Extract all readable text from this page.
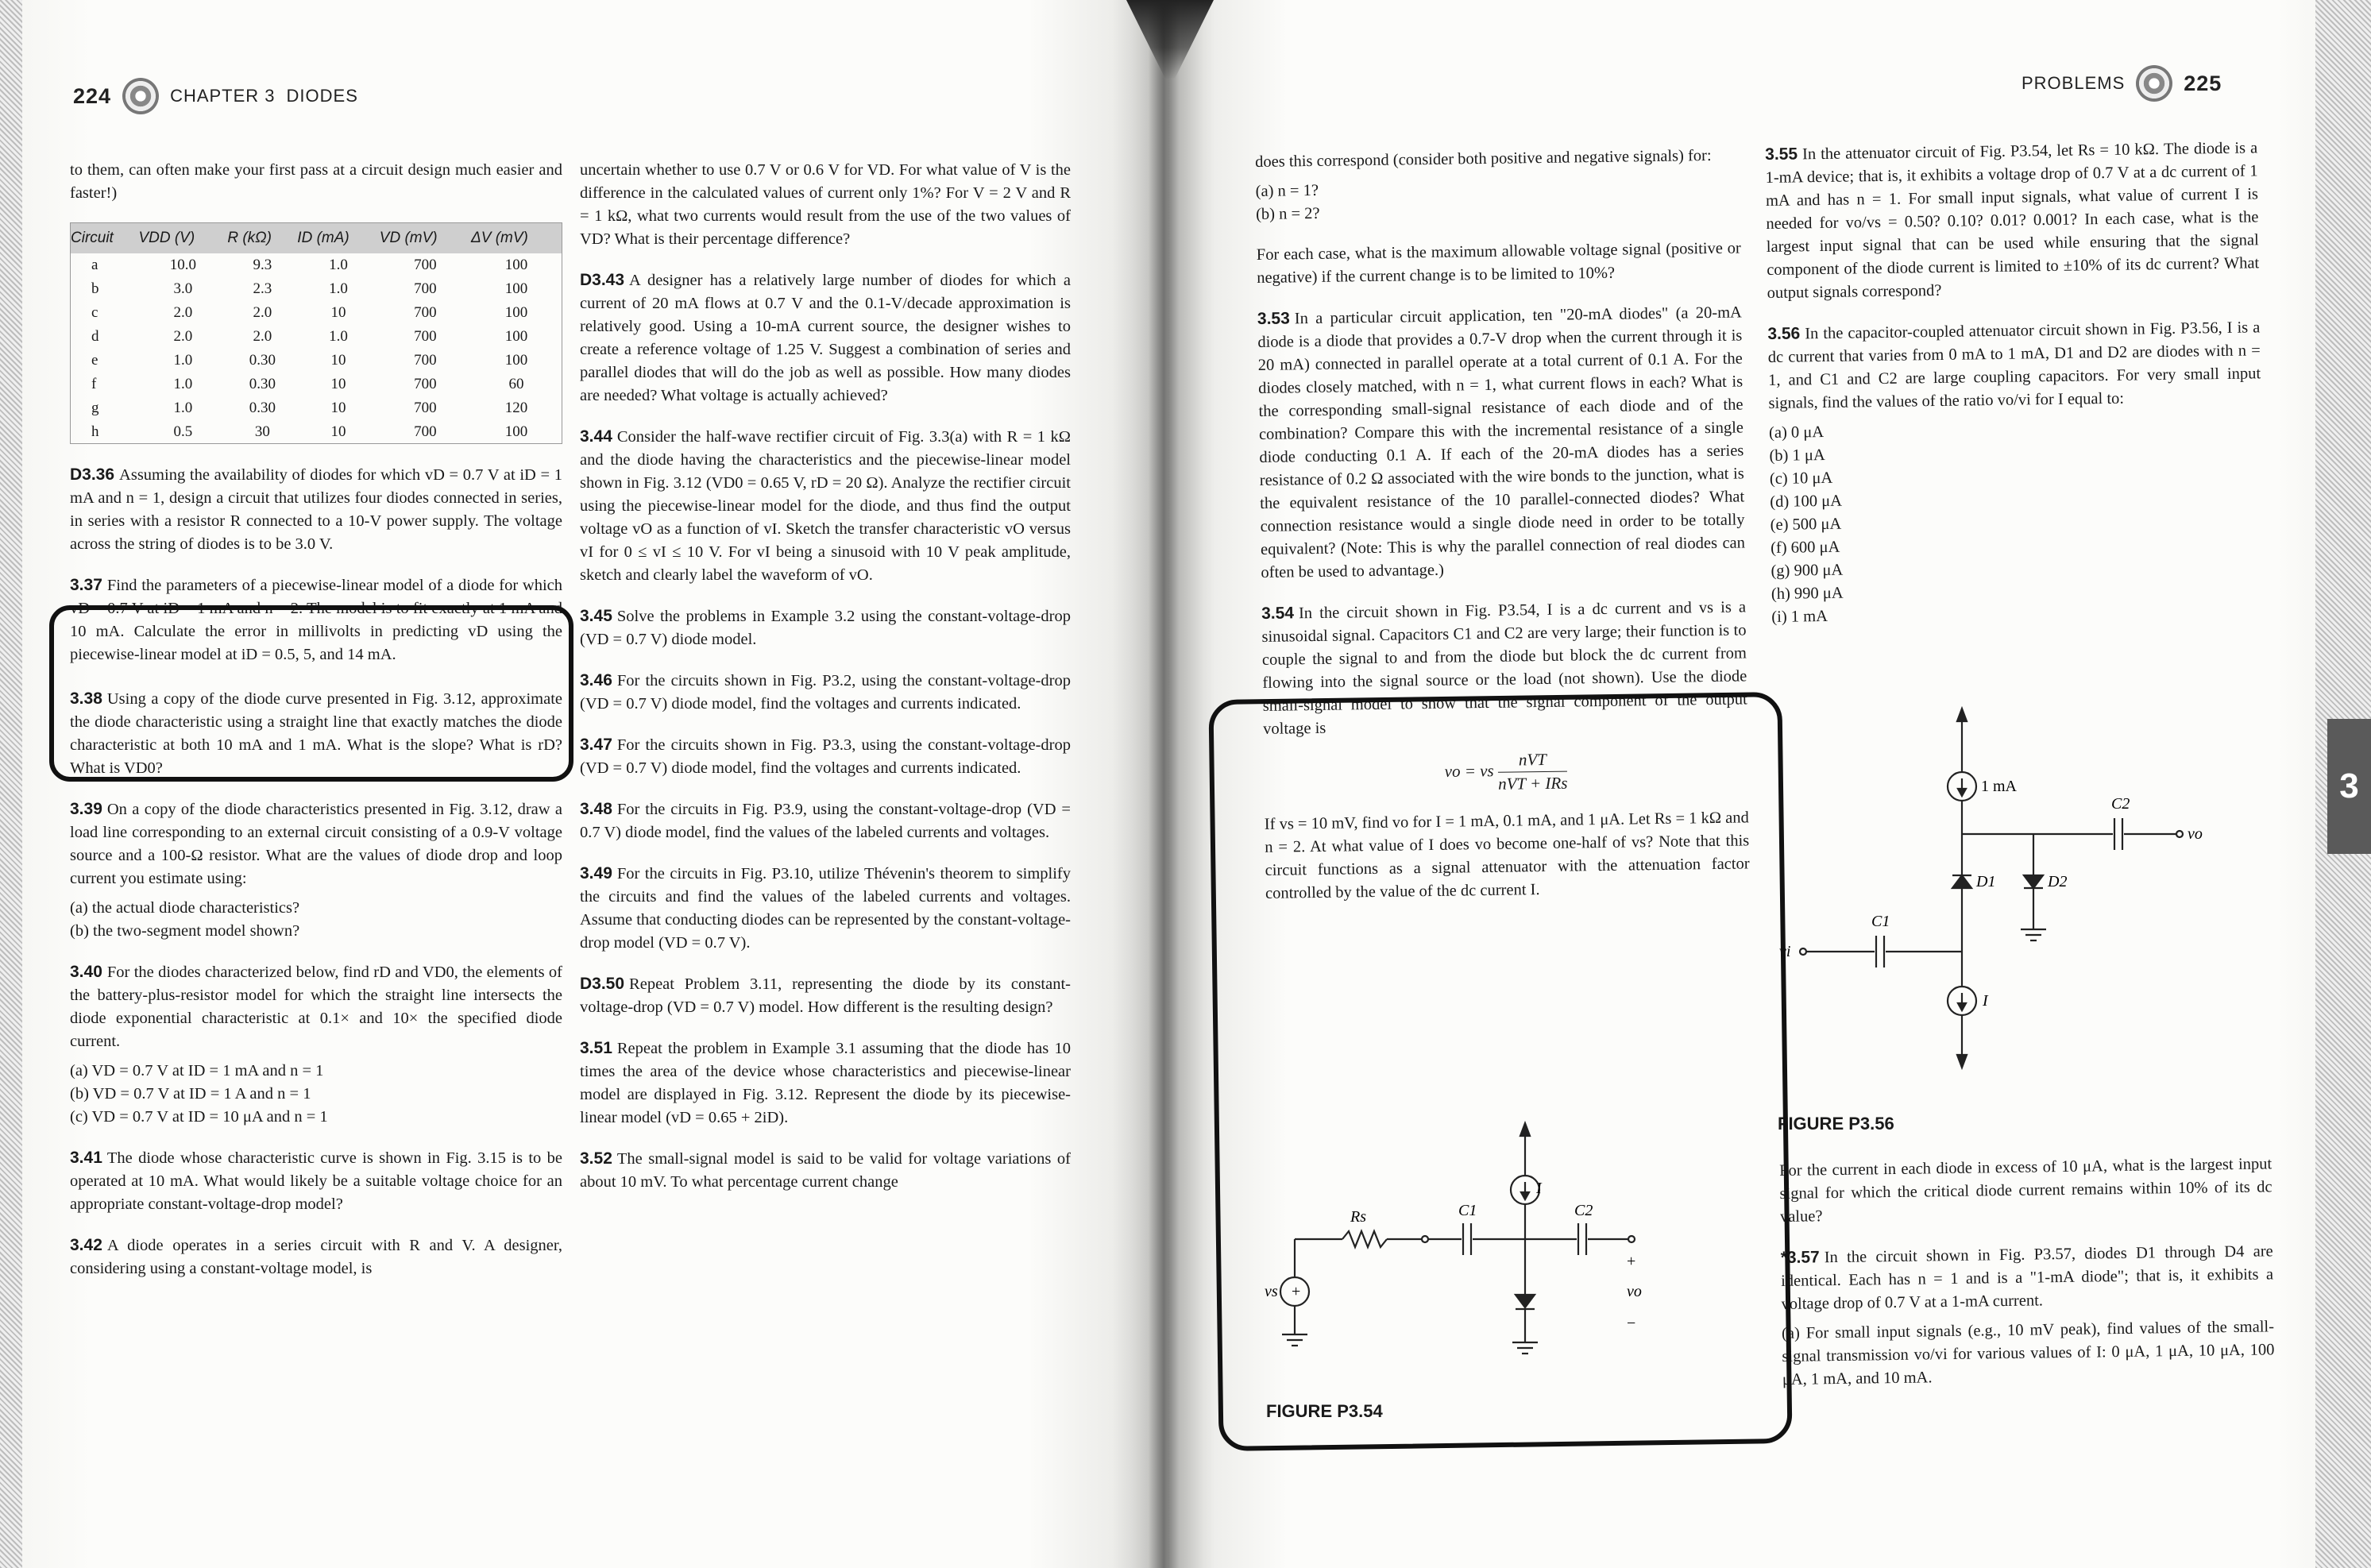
224	CHAPTER 3 DIODES

to them, can often make your first pass at a circuit design much easier and faster!)

Circuit	VDD (V)	R (kΩ)	ID (mA)	VD (mV)	ΔV (mV)
a	10.0	9.3	1.0	700	100
b	3.0	2.3	1.0	700	100
c	2.0	2.0	10	700	100
d	2.0	2.0	1.0	700	100
e	1.0	0.30	10	700	100
f	1.0	0.30	10	700	60
g	1.0	0.30	10	700	120
h	0.5	30	10	700	100

D3.36 Assuming the availability of diodes for which vD = 0.7 V at iD = 1 mA and n = 1, design a circuit that utilizes four diodes connected in series, in series with a resistor R connected to a 10-V power supply. The voltage across the string of diodes is to be 3.0 V.

3.37 Find the parameters of a piecewise-linear model of a diode for which vD = 0.7 V at iD = 1 mA and n = 2. The model is to fit exactly at 1 mA and 10 mA. Calculate the error in millivolts in predicting vD using the piecewise-linear model at iD = 0.5, 5, and 14 mA.

3.38 Using a copy of the diode curve presented in Fig. 3.12, approximate the diode characteristic using a straight line that exactly matches the diode characteristic at both 10 mA and 1 mA. What is the slope? What is rD? What is VD0?

3.39 On a copy of the diode characteristics presented in Fig. 3.12, draw a load line corresponding to an external circuit consisting of a 0.9-V voltage source and a 100-Ω resistor. What are the values of diode drop and loop current you estimate using:

(a) the actual diode characteristics?
(b) the two-segment model shown?

3.40 For the diodes characterized below, find rD and VD0, the elements of the battery-plus-resistor model for which the straight line intersects the diode exponential characteristic at 0.1× and 10× the specified diode current.

(a) VD = 0.7 V at ID = 1 mA and n = 1
(b) VD = 0.7 V at ID = 1 A and n = 1
(c) VD = 0.7 V at ID = 10 μA and n = 1

3.41 The diode whose characteristic curve is shown in Fig. 3.15 is to be operated at 10 mA. What would likely be a suitable voltage choice for an appropriate constant-voltage-drop model?

3.42 A diode operates in a series circuit with R and V. A designer, considering using a constant-voltage model, is

uncertain whether to use 0.7 V or 0.6 V for VD. For what value of V is the difference in the calculated values of current only 1%? For V = 2 V and R = 1 kΩ, what two currents would result from the use of the two values of VD? What is their percentage difference?

D3.43 A designer has a relatively large number of diodes for which a current of 20 mA flows at 0.7 V and the 0.1-V/decade approximation is relatively good. Using a 10-mA current source, the designer wishes to create a reference voltage of 1.25 V. Suggest a combination of series and parallel diodes that will do the job as well as possible. How many diodes are needed? What voltage is actually achieved?

3.44 Consider the half-wave rectifier circuit of Fig. 3.3(a) with R = 1 kΩ and the diode having the characteristics and the piecewise-linear model shown in Fig. 3.12 (VD0 = 0.65 V, rD = 20 Ω). Analyze the rectifier circuit using the piecewise-linear model for the diode, and thus find the output voltage vO as a function of vI. Sketch the transfer characteristic vO versus vI for 0 ≤ vI ≤ 10 V. For vI being a sinusoid with 10 V peak amplitude, sketch and clearly label the waveform of vO.

3.45 Solve the problems in Example 3.2 using the constant-voltage-drop (VD = 0.7 V) diode model.

3.46 For the circuits shown in Fig. P3.2, using the constant-voltage-drop (VD = 0.7 V) diode model, find the voltages and currents indicated.

3.47 For the circuits shown in Fig. P3.3, using the constant-voltage-drop (VD = 0.7 V) diode model, find the voltages and currents indicated.

3.48 For the circuits in Fig. P3.9, using the constant-voltage-drop (VD = 0.7 V) diode model, find the values of the labeled currents and voltages.

3.49 For the circuits in Fig. P3.10, utilize Thévenin's theorem to simplify the circuits and find the values of the labeled currents and voltages. Assume that conducting diodes can be represented by the constant-voltage-drop model (VD = 0.7 V).

D3.50 Repeat Problem 3.11, representing the diode by its constant-voltage-drop (VD = 0.7 V) model. How different is the resulting design?

3.51 Repeat the problem in Example 3.1 assuming that the diode has 10 times the area of the device whose characteristics and piecewise-linear model are displayed in Fig. 3.12. Represent the diode by its piecewise-linear model (vD = 0.65 + 2iD).

3.52 The small-signal model is said to be valid for voltage variations of about 10 mV. To what percentage current change

PROBLEMS	225
3

does this correspond (consider both positive and negative signals) for:

(a) n = 1?
(b) n = 2?

For each case, what is the maximum allowable voltage signal (positive or negative) if the current change is to be limited to 10%?

3.53 In a particular circuit application, ten "20-mA diodes" (a 20-mA diode is a diode that provides a 0.7-V drop when the current through it is 20 mA) connected in parallel operate at a total current of 0.1 A. For the diodes closely matched, with n = 1, what current flows in each? What is the corresponding small-signal resistance of each diode and of the combination? Compare this with the incremental resistance of a single diode conducting 0.1 A. If each of the 20-mA diodes has a series resistance of 0.2 Ω associated with the wire bonds to the junction, what is the equivalent resistance of the 10 parallel-connected diodes? What connection resistance would a single diode need in order to be totally equivalent? (Note: This is why the parallel connection of real diodes can often be used to advantage.)

3.54 In the circuit shown in Fig. P3.54, I is a dc current and vs is a sinusoidal signal. Capacitors C1 and C2 are very large; their function is to couple the signal to and from the diode but block the dc current from flowing into the signal source or the load (not shown). Use the diode small-signal model to show that the signal component of the output voltage is

vo = vs $\frac{\text{nVT}}{\text{nVT + IRs}}$

If vs = 10 mV, find vo for I = 1 mA, 0.1 mA, and 1 μA. Let Rs = 1 kΩ and n = 2. At what value of I does vo become one-half of vs? Note that this circuit functions as a signal attenuator with the attenuation factor controlled by the value of the dc current I.

I
Rs	C1	C2
+
vs
+
vo
−
FIGURE P3.54

3.55 In the attenuator circuit of Fig. P3.54, let Rs = 10 kΩ. The diode is a 1-mA device; that is, it exhibits a voltage drop of 0.7 V at a dc current of 1 mA and has n = 1. For small input signals, what value of current I is needed for vo/vs = 0.50? 0.10? 0.01? 0.001? In each case, what is the largest input signal that can be used while ensuring that the signal component of the diode current is limited to ±10% of its dc current? What output signals correspond?

3.56 In the capacitor-coupled attenuator circuit shown in Fig. P3.56, I is a dc current that varies from 0 mA to 1 mA, D1 and D2 are diodes with n = 1, and C1 and C2 are large coupling capacitors. For very small input signals, find the values of the ratio vo/vi for I equal to:

(a) 0 μA
(b) 1 μA
(c) 10 μA
(d) 100 μA
(e) 500 μA
(f) 600 μA
(g) 900 μA
(h) 990 μA
(i) 1 mA
1 mA
C2
vo
D1	D2
C1
vi
I
FIGURE P3.56

For the current in each diode in excess of 10 μA, what is the largest input signal for which the critical diode current remains within 10% of its dc value?

*3.57 In the circuit shown in Fig. P3.57, diodes D1 through D4 are identical. Each has n = 1 and is a "1-mA diode"; that is, it exhibits a voltage drop of 0.7 V at a 1-mA current.

(a) For small input signals (e.g., 10 mV peak), find values of the small-signal transmission vo/vi for various values of I: 0 μA, 1 μA, 10 μA, 100 μA, 1 mA, and 10 mA.
